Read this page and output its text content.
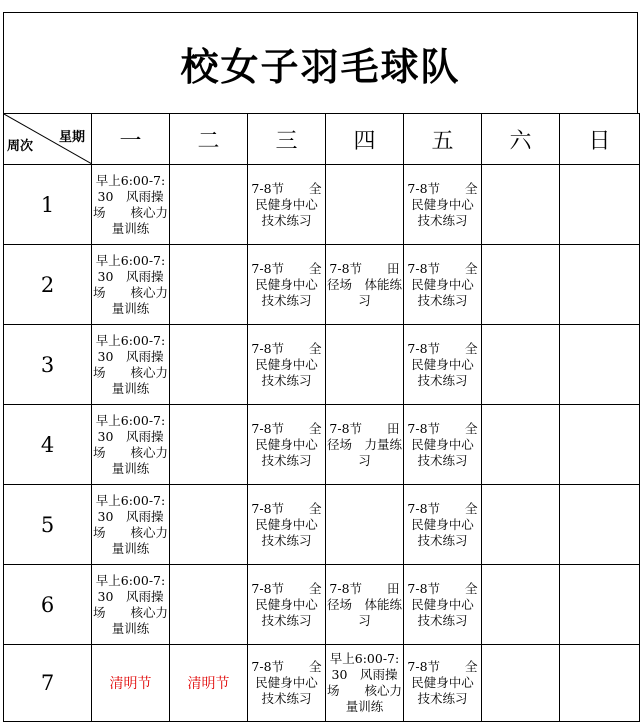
校女子羽毛球队
星期
周次	一	二	三	四	五	六	日
1	早上6:00-7:30　风雨操场　　核心力量训练		7-8节　　全民健身中心 技术练习		7-8节　　全民健身中心 技术练习		
2	早上6:00-7:30　风雨操场　　核心力量训练		7-8节　　全民健身中心 技术练习	7-8节　　田径场　体能练习	7-8节　　全民健身中心 技术练习		
3	早上6:00-7:30　风雨操场　　核心力量训练		7-8节　　全民健身中心 技术练习		7-8节　　全民健身中心 技术练习		
4	早上6:00-7:30　风雨操场　　核心力量训练		7-8节　　全民健身中心 技术练习	7-8节　　田径场　力量练习	7-8节　　全民健身中心 技术练习		
5	早上6:00-7:30　风雨操场　　核心力量训练		7-8节　　全民健身中心 技术练习		7-8节　　全民健身中心 技术练习		
6	早上6:00-7:30　风雨操场　　核心力量训练		7-8节　　全民健身中心 技术练习	7-8节　　田径场　体能练习	7-8节　　全民健身中心 技术练习		
7	清明节	清明节	7-8节　　全民健身中心 技术练习	早上6:00-7:30　风雨操场　　核心力量训练	7-8节　　全民健身中心 技术练习		
